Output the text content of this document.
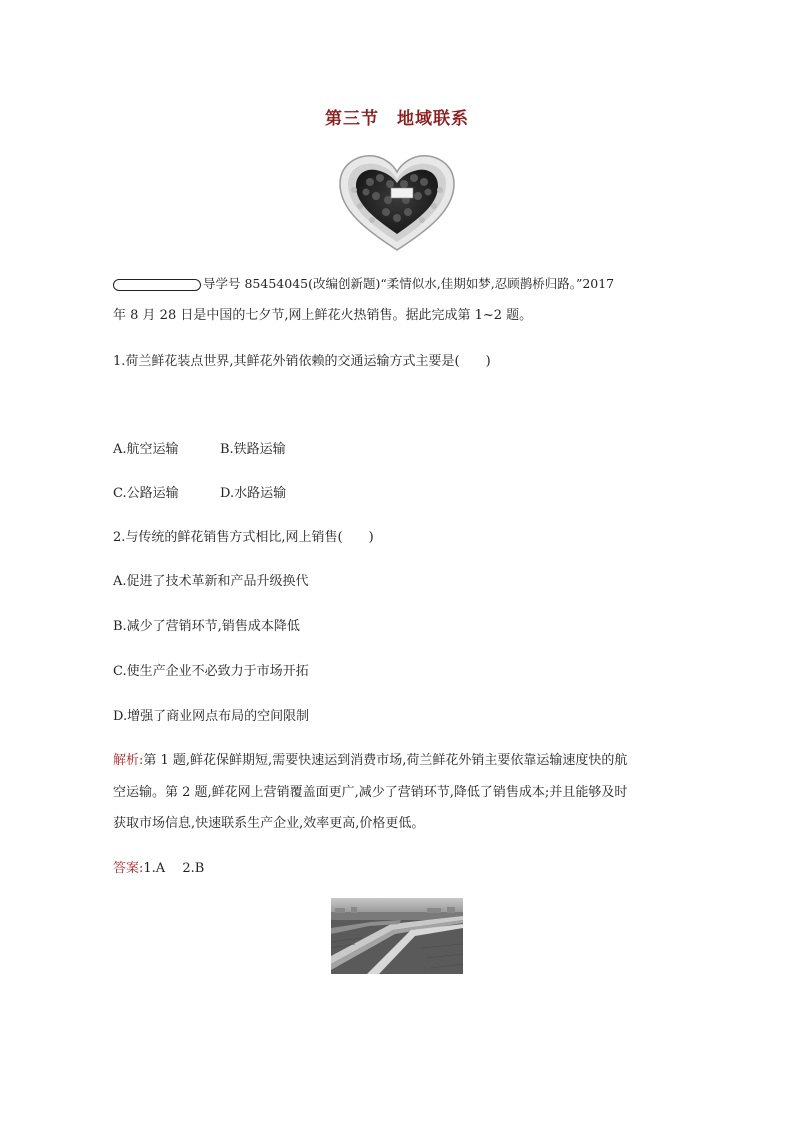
第三节 地域联系
导学号 85454045(改编创新题)“柔情似水,佳期如梦,忍顾鹊桥归路。”2017
年 8 月 28 日是中国的七夕节,网上鲜花火热销售。据此完成第 1~2 题。
1.荷兰鲜花装点世界,其鲜花外销依赖的交通运输方式主要是(　　)
A.航空运输	B.铁路运输
C.公路运输	D.水路运输
2.与传统的鲜花销售方式相比,网上销售(　　)
A.促进了技术革新和产品升级换代
B.减少了营销环节,销售成本降低
C.使生产企业不必致力于市场开拓
D.增强了商业网点布局的空间限制
解析:第 1 题,鲜花保鲜期短,需要快速运到消费市场,荷兰鲜花外销主要依靠运输速度快的航
空运输。第 2 题,鲜花网上营销覆盖面更广,减少了营销环节,降低了销售成本;并且能够及时
获取市场信息,快速联系生产企业,效率更高,价格更低。
答案:1.A　 2.B
